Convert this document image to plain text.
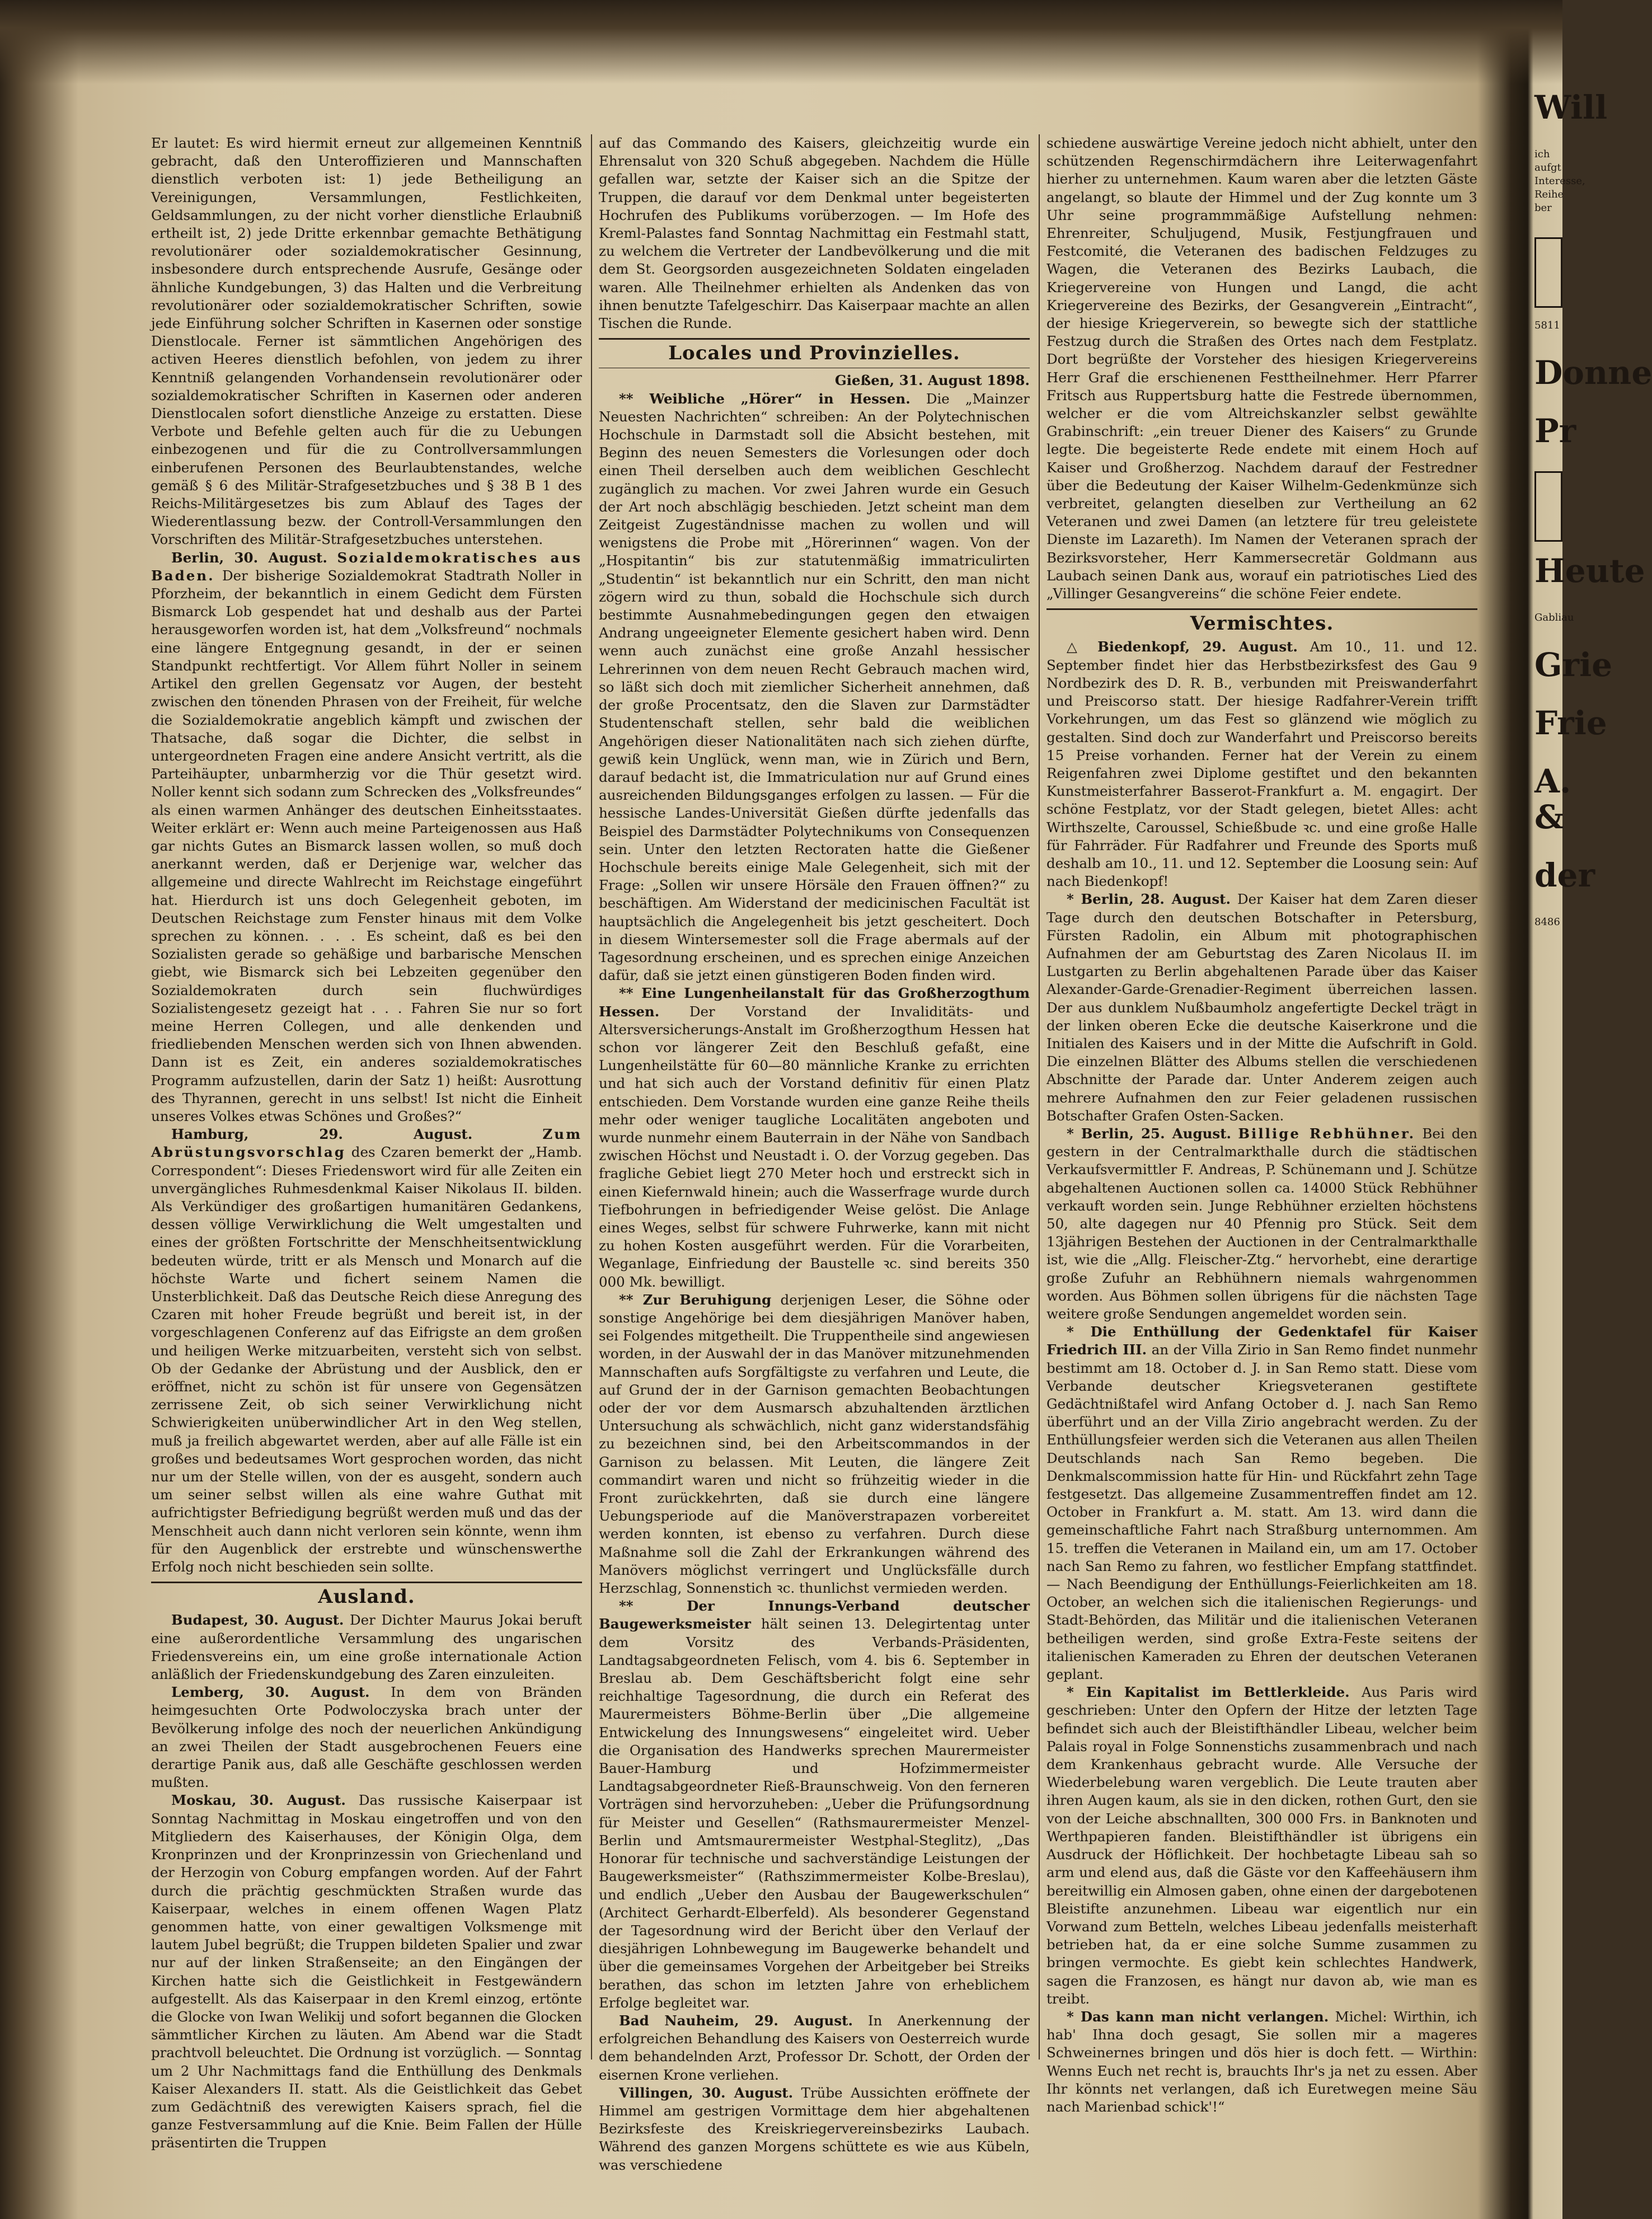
Er lautet: Es wird hiermit erneut zur allgemeinen Kenntniß gebracht, daß den Unteroffizieren und Mannschaften dienstlich verboten ist: 1) jede Betheiligung an Vereinigungen, Versammlungen, Festlichkeiten, Geldsammlungen, zu der nicht vorher dienstliche Erlaubniß ertheilt ist, 2) jede Dritte erkennbar gemachte Bethätigung revolutionärer oder sozialdemokratischer Gesinnung, insbesondere durch entsprechende Ausrufe, Gesänge oder ähnliche Kundgebungen, 3) das Halten und die Verbreitung revolutionärer oder sozialdemokratischer Schriften, sowie jede Einführung solcher Schriften in Kasernen oder sonstige Dienstlocale. Ferner ist sämmtlichen Angehörigen des activen Heeres dienstlich befohlen, von jedem zu ihrer Kenntniß gelangenden Vorhandensein revolutionärer oder sozialdemokratischer Schriften in Kasernen oder anderen Dienstlocalen sofort dienstliche Anzeige zu erstatten. Diese Verbote und Befehle gelten auch für die zu Uebungen einbezogenen und für die zu Controllversammlungen einberufenen Personen des Beurlaubtenstandes, welche gemäß § 6 des Militär-Strafgesetzbuches und § 38 B 1 des Reichs-Militärgesetzes bis zum Ablauf des Tages der Wiederentlassung bezw. der Controll-Versammlungen den Vorschriften des Militär-Strafgesetzbuches unterstehen.

Berlin, 30. August. Sozialdemokratisches aus Baden. Der bisherige Sozialdemokrat Stadtrath Noller in Pforzheim, der bekanntlich in einem Gedicht dem Fürsten Bismarck Lob gespendet hat und deshalb aus der Partei herausgeworfen worden ist, hat dem „Volksfreund“ nochmals eine längere Entgegnung gesandt, in der er seinen Standpunkt rechtfertigt. Vor Allem führt Noller in seinem Artikel den grellen Gegensatz vor Augen, der besteht zwischen den tönenden Phrasen von der Freiheit, für welche die Sozialdemokratie angeblich kämpft und zwischen der Thatsache, daß sogar die Dichter, die selbst in untergeordneten Fragen eine andere Ansicht vertritt, als die Parteihäupter, unbarmherzig vor die Thür gesetzt wird. Noller kennt sich sodann zum Schrecken des „Volksfreundes“ als einen warmen Anhänger des deutschen Einheitsstaates. Weiter erklärt er: Wenn auch meine Parteigenossen aus Haß gar nichts Gutes an Bismarck lassen wollen, so muß doch anerkannt werden, daß er Derjenige war, welcher das allgemeine und directe Wahlrecht im Reichstage eingeführt hat. Hierdurch ist uns doch Gelegenheit geboten, im Deutschen Reichstage zum Fenster hinaus mit dem Volke sprechen zu können. . . . Es scheint, daß es bei den Sozialisten gerade so gehäßige und barbarische Menschen giebt, wie Bismarck sich bei Lebzeiten gegenüber den Sozialdemokraten durch sein fluchwürdiges Sozialistengesetz gezeigt hat . . . Fahren Sie nur so fort meine Herren Collegen, und alle denkenden und friedliebenden Menschen werden sich von Ihnen abwenden. Dann ist es Zeit, ein anderes sozialdemokratisches Programm aufzustellen, darin der Satz 1) heißt: Ausrottung des Thyrannen, gerecht in uns selbst! Ist nicht die Einheit unseres Volkes etwas Schönes und Großes?“

Hamburg, 29. August.	Zum Abrüstungsvorschlag des Czaren bemerkt der „Hamb. Correspondent“: Dieses Friedenswort wird für alle Zeiten ein unvergängliches Ruhmesdenkmal Kaiser Nikolaus II. bilden. Als Verkündiger des großartigen humanitären Gedankens, dessen völlige Verwirklichung die Welt umgestalten und eines der größten Fortschritte der Menschheitsentwicklung bedeuten würde, tritt er als Mensch und Monarch auf die höchste Warte und fichert seinem Namen die Unsterblichkeit. Daß das Deutsche Reich diese Anregung des Czaren mit hoher Freude begrüßt und bereit ist, in der vorgeschlagenen Conferenz auf das Eifrigste an dem großen und heiligen Werke mitzuarbeiten, versteht sich von selbst. Ob der Gedanke der Abrüstung und der Ausblick, den er eröffnet, nicht zu schön ist für unsere von Gegensätzen zerrissene Zeit, ob sich seiner Verwirklichung nicht Schwierigkeiten unüberwindlicher Art in den Weg stellen, muß ja freilich abgewartet werden, aber auf alle Fälle ist ein großes und bedeutsames Wort gesprochen worden, das nicht nur um der Stelle willen, von der es ausgeht, sondern auch um seiner selbst willen als eine wahre Guthat mit aufrichtigster Befriedigung begrüßt werden muß und das der Menschheit auch dann nicht verloren sein könnte, wenn ihm für den Augenblick der erstrebte und wünschenswerthe Erfolg noch nicht beschieden sein sollte.

Ausland.

Budapest, 30. August. Der Dichter Maurus Jokai beruft eine außerordentliche Versammlung des ungarischen Friedensvereins ein, um eine große internationale Action anläßlich der Friedenskundgebung des Zaren einzuleiten.

Lemberg, 30. August. In dem von Bränden heimgesuchten Orte Podwoloczyska brach unter der Bevölkerung infolge des noch der neuerlichen Ankündigung an zwei Theilen der Stadt ausgebrochenen Feuers eine derartige Panik aus, daß alle Geschäfte geschlossen werden mußten.

Moskau, 30. August. Das russische Kaiserpaar ist Sonntag Nachmittag in Moskau eingetroffen und von den Mitgliedern des Kaiserhauses, der Königin Olga, dem Kronprinzen und der Kronprinzessin von Griechenland und der Herzogin von Coburg empfangen worden. Auf der Fahrt durch die prächtig geschmückten Straßen wurde das Kaiserpaar, welches in einem offenen Wagen Platz genommen hatte, von einer gewaltigen Volksmenge mit lautem Jubel begrüßt; die Truppen bildeten Spalier und zwar nur auf der linken Straßenseite; an den Eingängen der Kirchen hatte sich die Geistlichkeit in Festgewändern aufgestellt. Als das Kaiserpaar in den Kreml einzog, ertönte die Glocke von Iwan Welikij und sofort begannen die Glocken sämmtlicher Kirchen zu läuten. Am Abend war die Stadt prachtvoll beleuchtet. Die Ordnung ist vorzüglich. — Sonntag um 2 Uhr Nachmittags fand die Enthüllung des Denkmals Kaiser Alexanders II. statt. Als die Geistlichkeit das Gebet zum Gedächtniß des verewigten Kaisers sprach, fiel die ganze Festversammlung auf die Knie. Beim Fallen der Hülle präsentirten die Truppen

auf das Commando des Kaisers, gleichzeitig wurde ein Ehrensalut von 320 Schuß abgegeben. Nachdem die Hülle gefallen war, setzte der Kaiser sich an die Spitze der Truppen, die darauf vor dem Denkmal unter begeisterten Hochrufen des Publikums vorüberzogen. — Im Hofe des Kreml-Palastes fand Sonntag Nachmittag ein Festmahl statt, zu welchem die Vertreter der Landbevölkerung und die mit dem St. Georgsorden ausgezeichneten Soldaten eingeladen waren. Alle Theilnehmer erhielten als Andenken das von ihnen benutzte Tafelgeschirr. Das Kaiserpaar machte an allen Tischen die Runde.

Locales und Provinzielles.
Gießen, 31. August 1898.

** Weibliche „Hörer“ in Hessen. Die „Mainzer Neuesten Nachrichten“ schreiben: An der Polytechnischen Hochschule in Darmstadt soll die Absicht bestehen, mit Beginn des neuen Semesters die Vorlesungen oder doch einen Theil derselben auch dem weiblichen Geschlecht zugänglich zu machen. Vor zwei Jahren wurde ein Gesuch der Art noch abschlägig beschieden. Jetzt scheint man dem Zeitgeist Zugeständnisse machen zu wollen und will wenigstens die Probe mit „Hörerinnen“ wagen. Von der „Hospitantin“ bis zur statutenmäßig immatriculirten „Studentin“ ist bekanntlich nur ein Schritt, den man nicht zögern wird zu thun, sobald die Hochschule sich durch bestimmte Ausnahmebedingungen gegen den etwaigen Andrang ungeeigneter Elemente gesichert haben wird. Denn wenn auch zunächst eine große Anzahl hessischer Lehrerinnen von dem neuen Recht Gebrauch machen wird, so läßt sich doch mit ziemlicher Sicherheit annehmen, daß der große Procentsatz, den die Slaven zur Darmstädter Studentenschaft stellen, sehr bald die weiblichen Angehörigen dieser Nationalitäten nach sich ziehen dürfte, gewiß kein Unglück, wenn man, wie in Zürich und Bern, darauf bedacht ist, die Immatriculation nur auf Grund eines ausreichenden Bildungsganges erfolgen zu lassen. — Für die hessische Landes-Universität Gießen dürfte jedenfalls das Beispiel des Darmstädter Polytechnikums von Consequenzen sein. Unter den letzten Rectoraten hatte die Gießener Hochschule bereits einige Male Gelegenheit, sich mit der Frage: „Sollen wir unsere Hörsäle den Frauen öffnen?“ zu beschäftigen. Am Widerstand der medicinischen Facultät ist hauptsächlich die Angelegenheit bis jetzt gescheitert. Doch in diesem Wintersemester soll die Frage abermals auf der Tagesordnung erscheinen, und es sprechen einige Anzeichen dafür, daß sie jetzt einen günstigeren Boden finden wird.

** Eine Lungenheilanstalt für das Großherzogthum Hessen. Der Vorstand der Invaliditäts- und Altersversicherungs-Anstalt im Großherzogthum Hessen hat schon vor längerer Zeit den Beschluß gefaßt, eine Lungenheilstätte für 60—80 männliche Kranke zu errichten und hat sich auch der Vorstand definitiv für einen Platz entschieden. Dem Vorstande wurden eine ganze Reihe theils mehr oder weniger taugliche Localitäten angeboten und wurde nunmehr einem Bauterrain in der Nähe von Sandbach zwischen Höchst und Neustadt i. O. der Vorzug gegeben. Das fragliche Gebiet liegt 270 Meter hoch und erstreckt sich in einen Kiefernwald hinein; auch die Wasserfrage wurde durch Tiefbohrungen in befriedigender Weise gelöst. Die Anlage eines Weges, selbst für schwere Fuhrwerke, kann mit nicht zu hohen Kosten ausgeführt werden. Für die Vorarbeiten, Weganlage, Einfriedung der Baustelle ꝛc. sind bereits 350 000 Mk. bewilligt.

** Zur Beruhigung derjenigen Leser, die Söhne oder sonstige Angehörige bei dem diesjährigen Manöver haben, sei Folgendes mitgetheilt. Die Truppentheile sind angewiesen worden, in der Auswahl der in das Manöver mitzunehmenden Mannschaften aufs Sorgfältigste zu verfahren und Leute, die auf Grund der in der Garnison gemachten Beobachtungen oder der vor dem Ausmarsch abzuhaltenden ärztlichen Untersuchung als schwächlich, nicht ganz widerstandsfähig zu bezeichnen sind, bei den Arbeitscommandos in der Garnison zu belassen. Mit Leuten, die längere Zeit commandirt waren und nicht so frühzeitig wieder in die Front zurückkehrten, daß sie durch eine längere Uebungsperiode auf die Manöverstrapazen vorbereitet werden konnten, ist ebenso zu verfahren. Durch diese Maßnahme soll die Zahl der Erkrankungen während des Manövers möglichst verringert und Unglücksfälle durch Herzschlag, Sonnenstich ꝛc. thunlichst vermieden werden.

** Der Innungs-Verband deutscher Baugewerksmeister hält seinen 13. Delegirtentag unter dem Vorsitz des Verbands-Präsidenten, Landtagsabgeordneten Felisch, vom 4. bis 6. September in Breslau ab. Dem Geschäftsbericht folgt eine sehr reichhaltige Tagesordnung, die durch ein Referat des Maurermeisters Böhme-Berlin über „Die allgemeine Entwickelung des Innungswesens“ eingeleitet wird. Ueber die Organisation des Handwerks sprechen Maurermeister Bauer-Hamburg und Hofzimmermeister Landtagsabgeordneter Rieß-Braunschweig. Von den ferneren Vorträgen sind hervorzuheben: „Ueber die Prüfungsordnung für Meister und Gesellen“ (Rathsmaurermeister Menzel-Berlin und Amtsmaurermeister Westphal-Steglitz), „Das Honorar für technische und sachverständige Leistungen der Baugewerksmeister“ (Rathszimmermeister Kolbe-Breslau), und endlich „Ueber den Ausbau der Baugewerkschulen“ (Architect Gerhardt-Elberfeld). Als besonderer Gegenstand der Tagesordnung wird der Bericht über den Verlauf der diesjährigen Lohnbewegung im Baugewerke behandelt und über die gemeinsames Vorgehen der Arbeitgeber bei Streiks berathen, das schon im letzten Jahre von erheblichem Erfolge begleitet war.

Bad Nauheim, 29. August. In Anerkennung der erfolgreichen Behandlung des Kaisers von Oesterreich wurde dem behandelnden Arzt, Professor Dr. Schott, der Orden der eisernen Krone verliehen.

Villingen, 30. August. Trübe Aussichten eröffnete der Himmel am gestrigen Vormittage dem hier abgehaltenen Bezirksfeste des Kreiskriegervereinsbezirks Laubach. Während des ganzen Morgens schüttete es wie aus Kübeln, was verschiedene

schiedene auswärtige Vereine jedoch nicht abhielt, unter den schützenden Regenschirmdächern ihre Leiterwagenfahrt hierher zu unternehmen. Kaum waren aber die letzten Gäste angelangt, so blaute der Himmel und der Zug konnte um 3 Uhr seine programmmäßige Aufstellung nehmen: Ehrenreiter, Schuljugend, Musik, Festjungfrauen und Festcomité, die Veteranen des badischen Feldzuges zu Wagen, die Veteranen des Bezirks Laubach, die Kriegervereine von Hungen und Langd, die acht Kriegervereine des Bezirks, der Gesangverein „Eintracht“, der hiesige Kriegerverein, so bewegte sich der stattliche Festzug durch die Straßen des Ortes nach dem Festplatz. Dort begrüßte der Vorsteher des hiesigen Kriegervereins Herr Graf die erschienenen Festtheilnehmer. Herr Pfarrer Fritsch aus Ruppertsburg hatte die Festrede übernommen, welcher er die vom Altreichskanzler selbst gewählte Grabinschrift: „ein treuer Diener des Kaisers“ zu Grunde legte. Die begeisterte Rede endete mit einem Hoch auf Kaiser und Großherzog. Nachdem darauf der Festredner über die Bedeutung der Kaiser Wilhelm-Gedenkmünze sich verbreitet, gelangten dieselben zur Vertheilung an 62 Veteranen und zwei Damen (an letztere für treu geleistete Dienste im Lazareth). Im Namen der Veteranen sprach der Bezirksvorsteher, Herr Kammersecretär Goldmann aus Laubach seinen Dank aus, worauf ein patriotisches Lied des „Villinger Gesangvereins“ die schöne Feier endete.

Vermischtes.

△ Biedenkopf, 29. August. Am 10., 11. und 12. September findet hier das Herbstbezirksfest des Gau 9 Nordbezirk des D. R. B., verbunden mit Preiswanderfahrt und Preiscorso statt. Der hiesige Radfahrer-Verein trifft Vorkehrungen, um das Fest so glänzend wie möglich zu gestalten. Sind doch zur Wanderfahrt und Preiscorso bereits 15 Preise vorhanden. Ferner hat der Verein zu einem Reigenfahren zwei Diplome gestiftet und den bekannten Kunstmeisterfahrer Basserot-Frankfurt a. M. engagirt. Der schöne Festplatz, vor der Stadt gelegen, bietet Alles: acht Wirthszelte, Caroussel, Schießbude ꝛc. und eine große Halle für Fahrräder. Für Radfahrer und Freunde des Sports muß deshalb am 10., 11. und 12. September die Loosung sein: Auf nach Biedenkopf!

* Berlin, 28. August. Der Kaiser hat dem Zaren dieser Tage durch den deutschen Botschafter in Petersburg, Fürsten Radolin, ein Album mit photographischen Aufnahmen der am Geburtstag des Zaren Nicolaus II. im Lustgarten zu Berlin abgehaltenen Parade über das Kaiser Alexander-Garde-Grenadier-Regiment überreichen lassen. Der aus dunklem Nußbaumholz angefertigte Deckel trägt in der linken oberen Ecke die deutsche Kaiserkrone und die Initialen des Kaisers und in der Mitte die Aufschrift in Gold. Die einzelnen Blätter des Albums stellen die verschiedenen Abschnitte der Parade dar. Unter Anderem zeigen auch mehrere Aufnahmen den zur Feier geladenen russischen Botschafter Grafen Osten-Sacken.

* Berlin, 25. August. Billige Rebhühner. Bei den gestern in der Centralmarkthalle durch die städtischen Verkaufsvermittler F. Andreas, P. Schünemann und J. Schütze abgehaltenen Auctionen sollen ca. 14000 Stück Rebhühner verkauft worden sein. Junge Rebhühner erzielten höchstens 50, alte dagegen nur 40 Pfennig pro Stück. Seit dem 13jährigen Bestehen der Auctionen in der Centralmarkthalle ist, wie die „Allg. Fleischer-Ztg.“ hervorhebt, eine derartige große Zufuhr an Rebhühnern niemals wahrgenommen worden. Aus Böhmen sollen übrigens für die nächsten Tage weitere große Sendungen angemeldet worden sein.

* Die Enthüllung der Gedenktafel für Kaiser Friedrich III. an der Villa Zirio in San Remo findet nunmehr bestimmt am 18. October d. J. in San Remo statt. Diese vom Verbande deutscher Kriegsveteranen gestiftete Gedächtnißtafel wird Anfang October d. J. nach San Remo überführt und an der Villa Zirio angebracht werden. Zu der Enthüllungsfeier werden sich die Veteranen aus allen Theilen Deutschlands nach San Remo begeben. Die Denkmalscommission hatte für Hin- und Rückfahrt zehn Tage festgesetzt. Das allgemeine Zusammentreffen findet am 12. October in Frankfurt a. M. statt. Am 13. wird dann die gemeinschaftliche Fahrt nach Straßburg unternommen. Am 15. treffen die Veteranen in Mailand ein, um am 17. October nach San Remo zu fahren, wo festlicher Empfang stattfindet. — Nach Beendigung der Enthüllungs-Feierlichkeiten am 18. October, an welchen sich die italienischen Regierungs- und Stadt-Behörden, das Militär und die italienischen Veteranen betheiligen werden, sind große Extra-Feste seitens der italienischen Kameraden zu Ehren der deutschen Veteranen geplant.

* Ein Kapitalist im Bettlerkleide. Aus Paris wird geschrieben: Unter den Opfern der Hitze der letzten Tage befindet sich auch der Bleistifthändler Libeau, welcher beim Palais royal in Folge Sonnenstichs zusammenbrach und nach dem Krankenhaus gebracht wurde. Alle Versuche der Wiederbelebung waren vergeblich. Die Leute trauten aber ihren Augen kaum, als sie in den dicken, rothen Gurt, den sie von der Leiche abschnallten, 300 000 Frs. in Banknoten und Werthpapieren fanden. Bleistifthändler ist übrigens ein Ausdruck der Höflichkeit. Der hochbetagte Libeau sah so arm und elend aus, daß die Gäste vor den Kaffeehäusern ihm bereitwillig ein Almosen gaben, ohne einen der dargebotenen Bleistifte anzunehmen. Libeau war eigentlich nur ein Vorwand zum Betteln, welches Libeau jedenfalls meisterhaft betrieben hat, da er eine solche Summe zusammen zu bringen vermochte. Es giebt kein schlechtes Handwerk, sagen die Franzosen, es hängt nur davon ab, wie man es treibt.

* Das kann man nicht verlangen. Michel: Wirthin, ich hab' Ihna doch gesagt, Sie sollen mir a mageres Schweinernes bringen und dös hier is doch fett. — Wirthin: Wenns Euch net recht is, brauchts Ihr's ja net zu essen. Aber Ihr könnts net verlangen, daß ich Euretwegen meine Säu nach Marienbad schick'!“

Will
ich aufgt Interesse, Reihe ber
5811
Donne
Pr
Heute
Gabliau
Grie
Frie
A. &
der
8486
